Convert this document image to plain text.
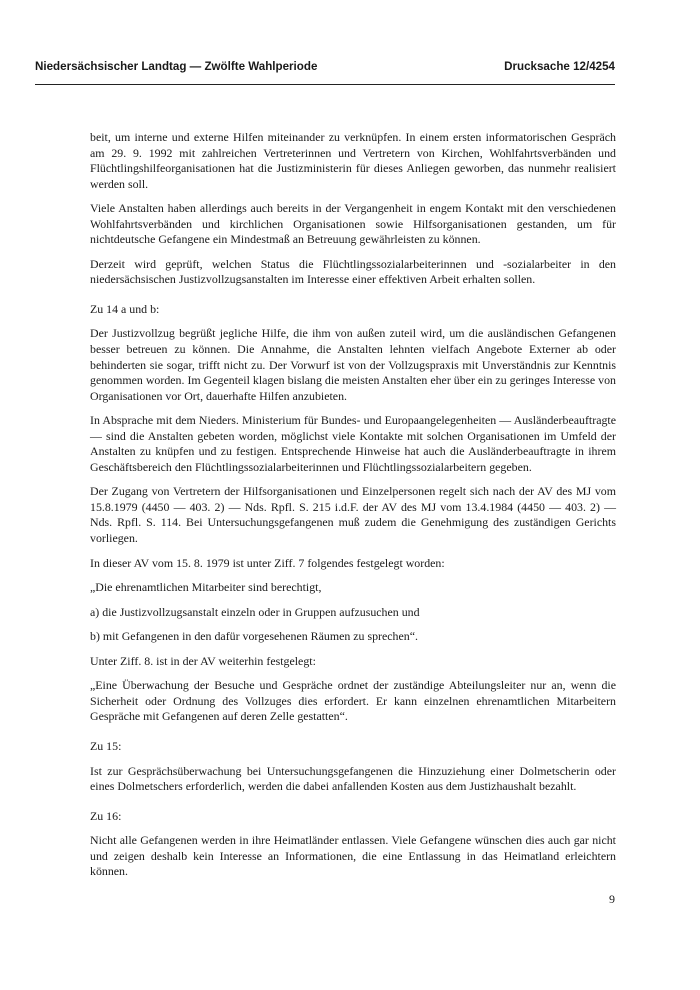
Niedersächsischer Landtag — Zwölfte Wahlperiode	Drucksache 12/4254

beit, um interne und externe Hilfen miteinander zu verknüpfen. In einem ersten informatorischen Gespräch am 29. 9. 1992 mit zahlreichen Vertreterinnen und Vertretern von Kirchen, Wohlfahrtsverbänden und Flüchtlingshilfeorganisationen hat die Justizministerin für dieses Anliegen geworben, das nunmehr realisiert werden soll.

Viele Anstalten haben allerdings auch bereits in der Vergangenheit in engem Kontakt mit den verschiedenen Wohlfahrtsverbänden und kirchlichen Organisationen sowie Hilfsorganisationen gestanden, um für nichtdeutsche Gefangene ein Mindestmaß an Betreuung gewährleisten zu können.

Derzeit wird geprüft, welchen Status die Flüchtlingssozialarbeiterinnen und -sozialarbeiter in den niedersächsischen Justizvollzugsanstalten im Interesse einer effektiven Arbeit erhalten sollen.

Zu 14 a und b:

Der Justizvollzug begrüßt jegliche Hilfe, die ihm von außen zuteil wird, um die ausländischen Gefangenen besser betreuen zu können. Die Annahme, die Anstalten lehnten vielfach Angebote Externer ab oder behinderten sie sogar, trifft nicht zu. Der Vorwurf ist von der Vollzugspraxis mit Unverständnis zur Kenntnis genommen worden. Im Gegenteil klagen bislang die meisten Anstalten eher über ein zu geringes Interesse von Organisationen vor Ort, dauerhafte Hilfen anzubieten.

In Absprache mit dem Nieders. Ministerium für Bundes- und Europaangelegenheiten — Ausländerbeauftragte — sind die Anstalten gebeten worden, möglichst viele Kontakte mit solchen Organisationen im Umfeld der Anstalten zu knüpfen und zu festigen. Entsprechende Hinweise hat auch die Ausländerbeauftragte in ihrem Geschäftsbereich den Flüchtlingssozialarbeiterinnen und Flüchtlingssozialarbeitern gegeben.

Der Zugang von Vertretern der Hilfsorganisationen und Einzelpersonen regelt sich nach der AV des MJ vom 15.8.1979 (4450 — 403. 2) — Nds. Rpfl. S. 215 i.d.F. der AV des MJ vom 13.4.1984 (4450 — 403. 2) — Nds. Rpfl. S. 114. Bei Untersuchungsgefangenen muß zudem die Genehmigung des zuständigen Gerichts vorliegen.

In dieser AV vom 15. 8. 1979 ist unter Ziff. 7 folgendes festgelegt worden:

„Die ehrenamtlichen Mitarbeiter sind berechtigt,

a) die Justizvollzugsanstalt einzeln oder in Gruppen aufzusuchen und

b) mit Gefangenen in den dafür vorgesehenen Räumen zu sprechen“.

Unter Ziff. 8. ist in der AV weiterhin festgelegt:

„Eine Überwachung der Besuche und Gespräche ordnet der zuständige Abteilungsleiter nur an, wenn die Sicherheit oder Ordnung des Vollzuges dies erfordert. Er kann einzelnen ehrenamtlichen Mitarbeitern Gespräche mit Gefangenen auf deren Zelle gestatten“.

Zu 15:

Ist zur Gesprächsüberwachung bei Untersuchungsgefangenen die Hinzuziehung einer Dolmetscherin oder eines Dolmetschers erforderlich, werden die dabei anfallenden Kosten aus dem Justizhaushalt bezahlt.

Zu 16:

Nicht alle Gefangenen werden in ihre Heimatländer entlassen. Viele Gefangene wünschen dies auch gar nicht und zeigen deshalb kein Interesse an Informationen, die eine Entlassung in das Heimatland erleichtern können.

9
